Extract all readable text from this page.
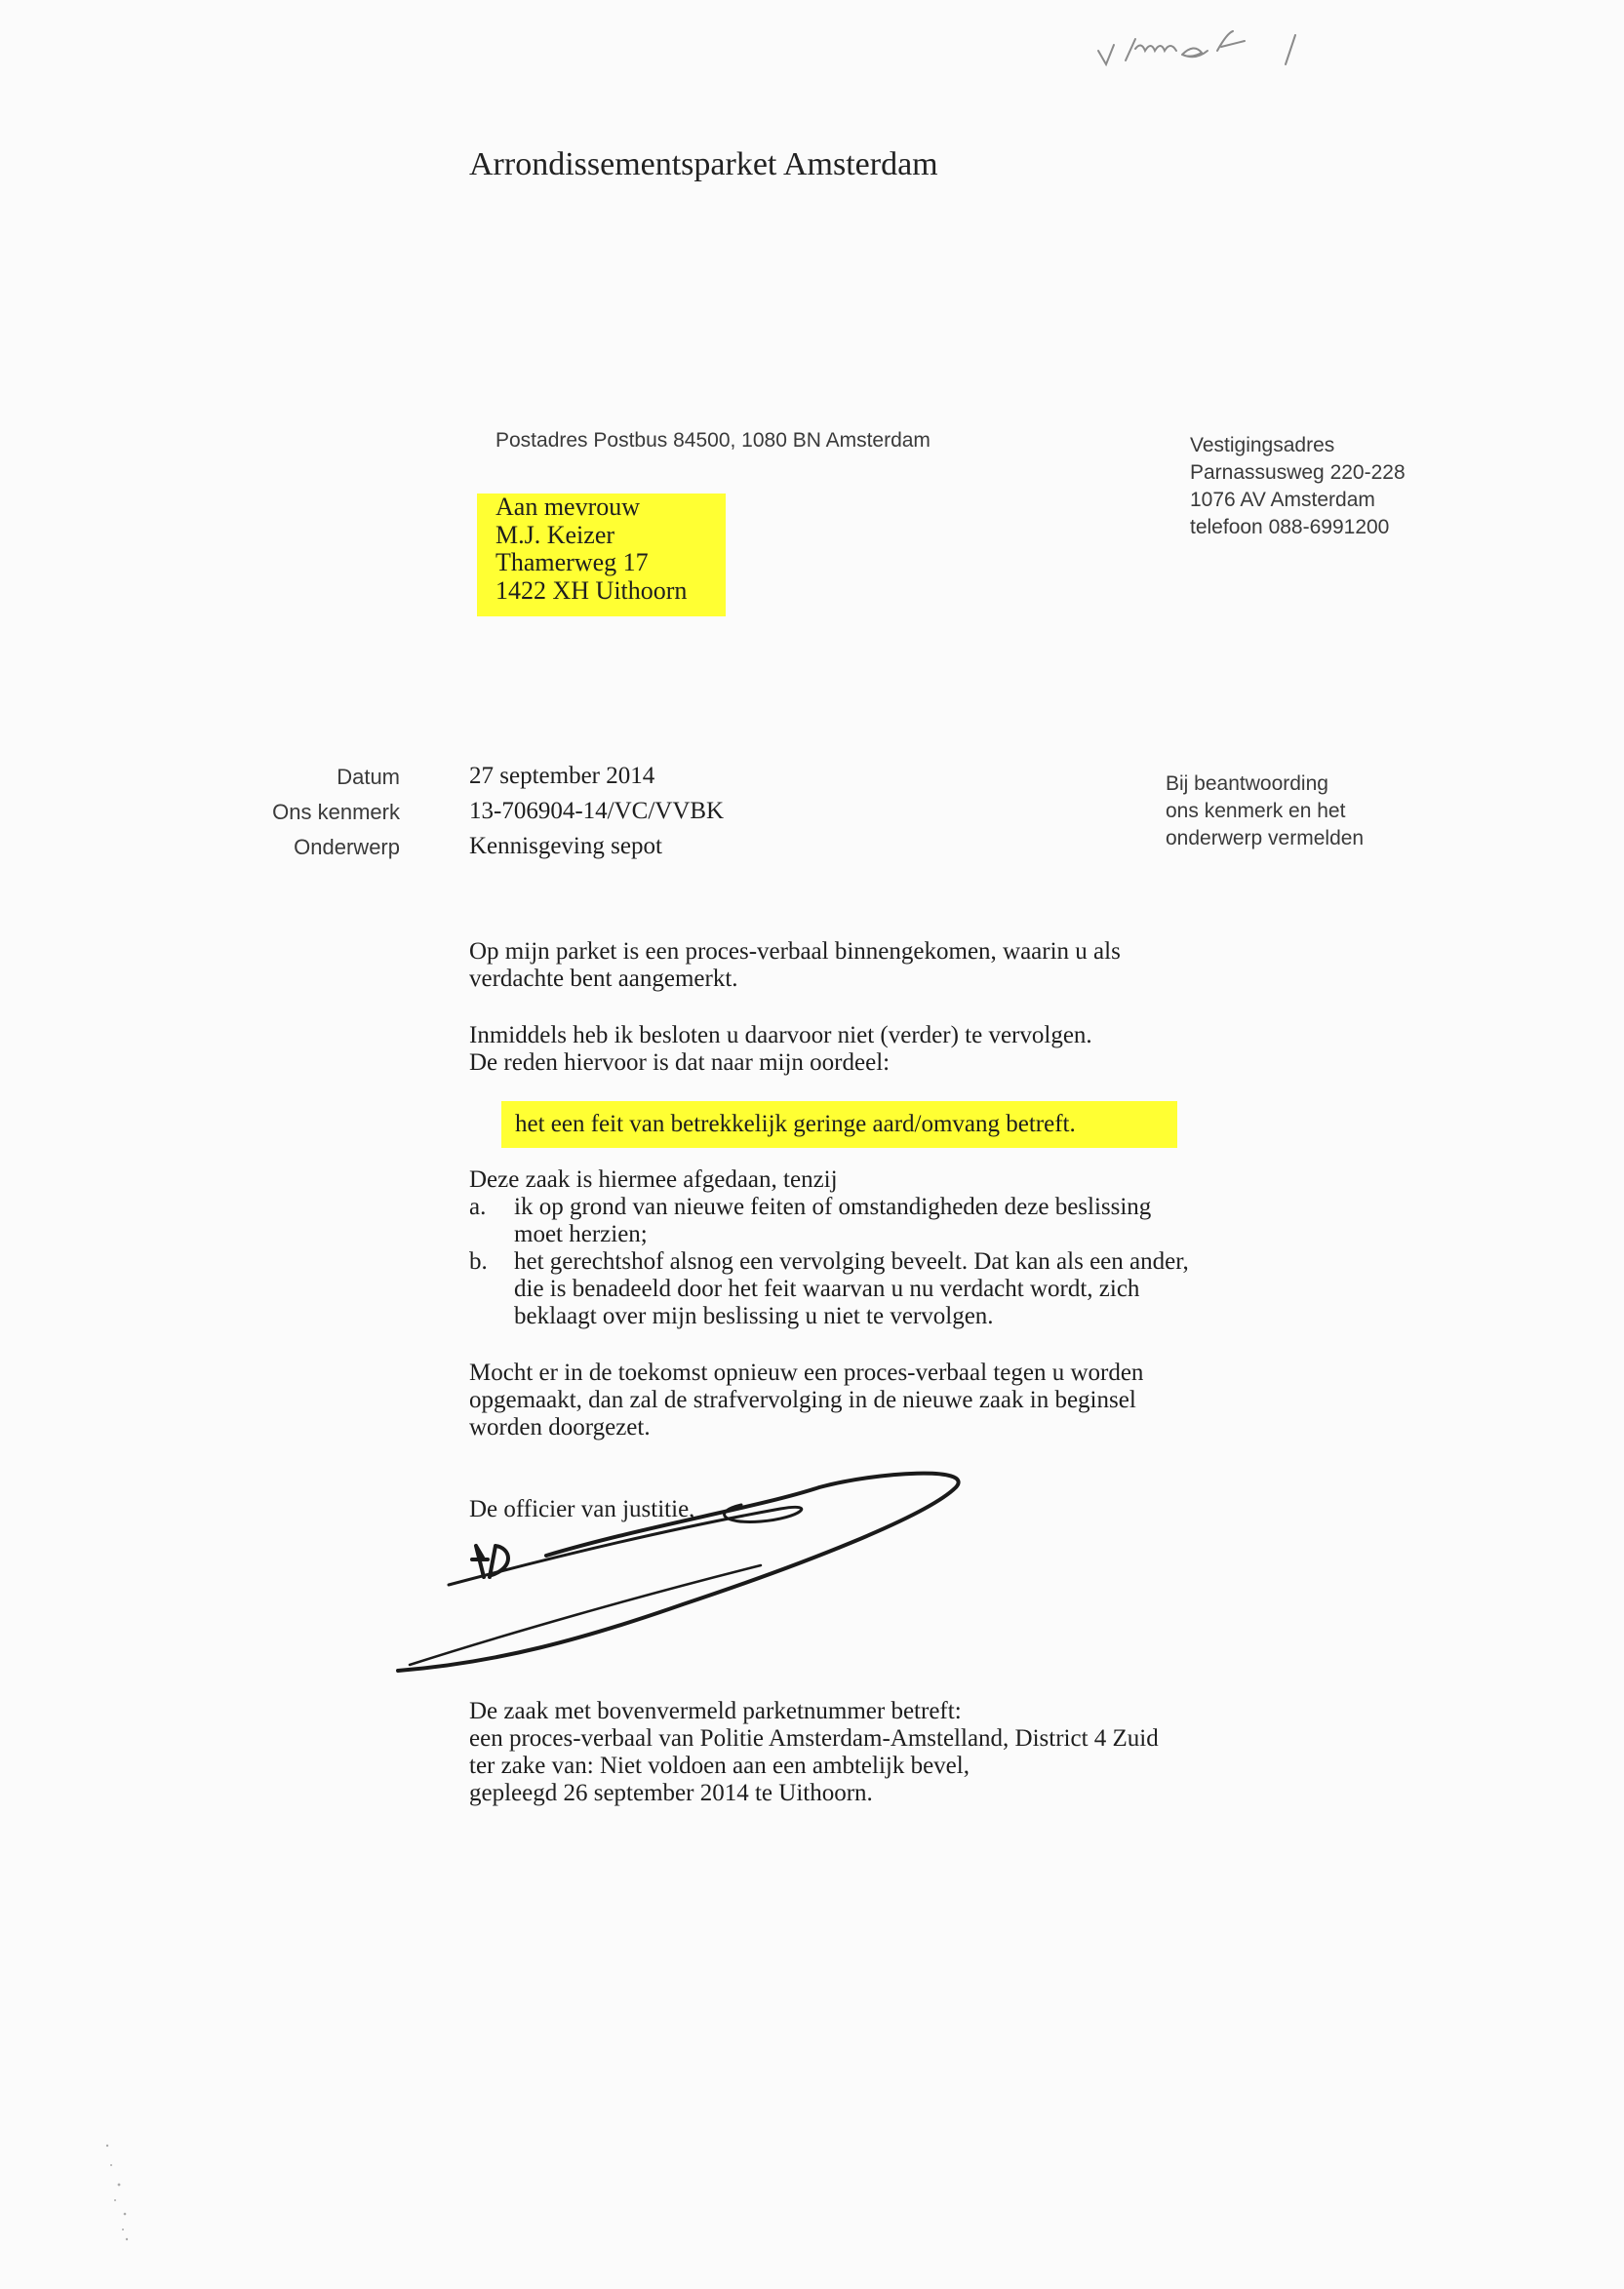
Arrondissementsparket Amsterdam
Postadres Postbus 84500, 1080 BN Amsterdam	Vestigingsadres
Parnassusweg 220-228
1076 AV Amsterdam
telefoon 088-6991200
Aan mevrouw
M.J. Keizer
Thamerweg 17
1422 XH Uithoorn
Datum	27 september 2014
Ons kenmerk	13-706904-14/VC/VVBK
Onderwerp	Kennisgeving sepot
Bij beantwoording
ons kenmerk en het
onderwerp vermelden
Op mijn parket is een proces-verbaal binnengekomen, waarin u als
verdachte bent aangemerkt.
Inmiddels heb ik besloten u daarvoor niet (verder) te vervolgen.
De reden hiervoor is dat naar mijn oordeel:
het een feit van betrekkelijk geringe aard/omvang betreft.
Deze zaak is hiermee afgedaan, tenzij
a. ik op grond van nieuwe feiten of omstandigheden deze beslissing
moet herzien;
b. het gerechtshof alsnog een vervolging beveelt. Dat kan als een ander,
die is benadeeld door het feit waarvan u nu verdacht wordt, zich
beklaagt over mijn beslissing u niet te vervolgen.
Mocht er in de toekomst opnieuw een proces-verbaal tegen u worden
opgemaakt, dan zal de strafvervolging in de nieuwe zaak in beginsel
worden doorgezet.
De officier van justitie,
De zaak met bovenvermeld parketnummer betreft:
een proces-verbaal van Politie Amsterdam-Amstelland, District 4 Zuid
ter zake van: Niet voldoen aan een ambtelijk bevel,
gepleegd 26 september 2014 te Uithoorn.
